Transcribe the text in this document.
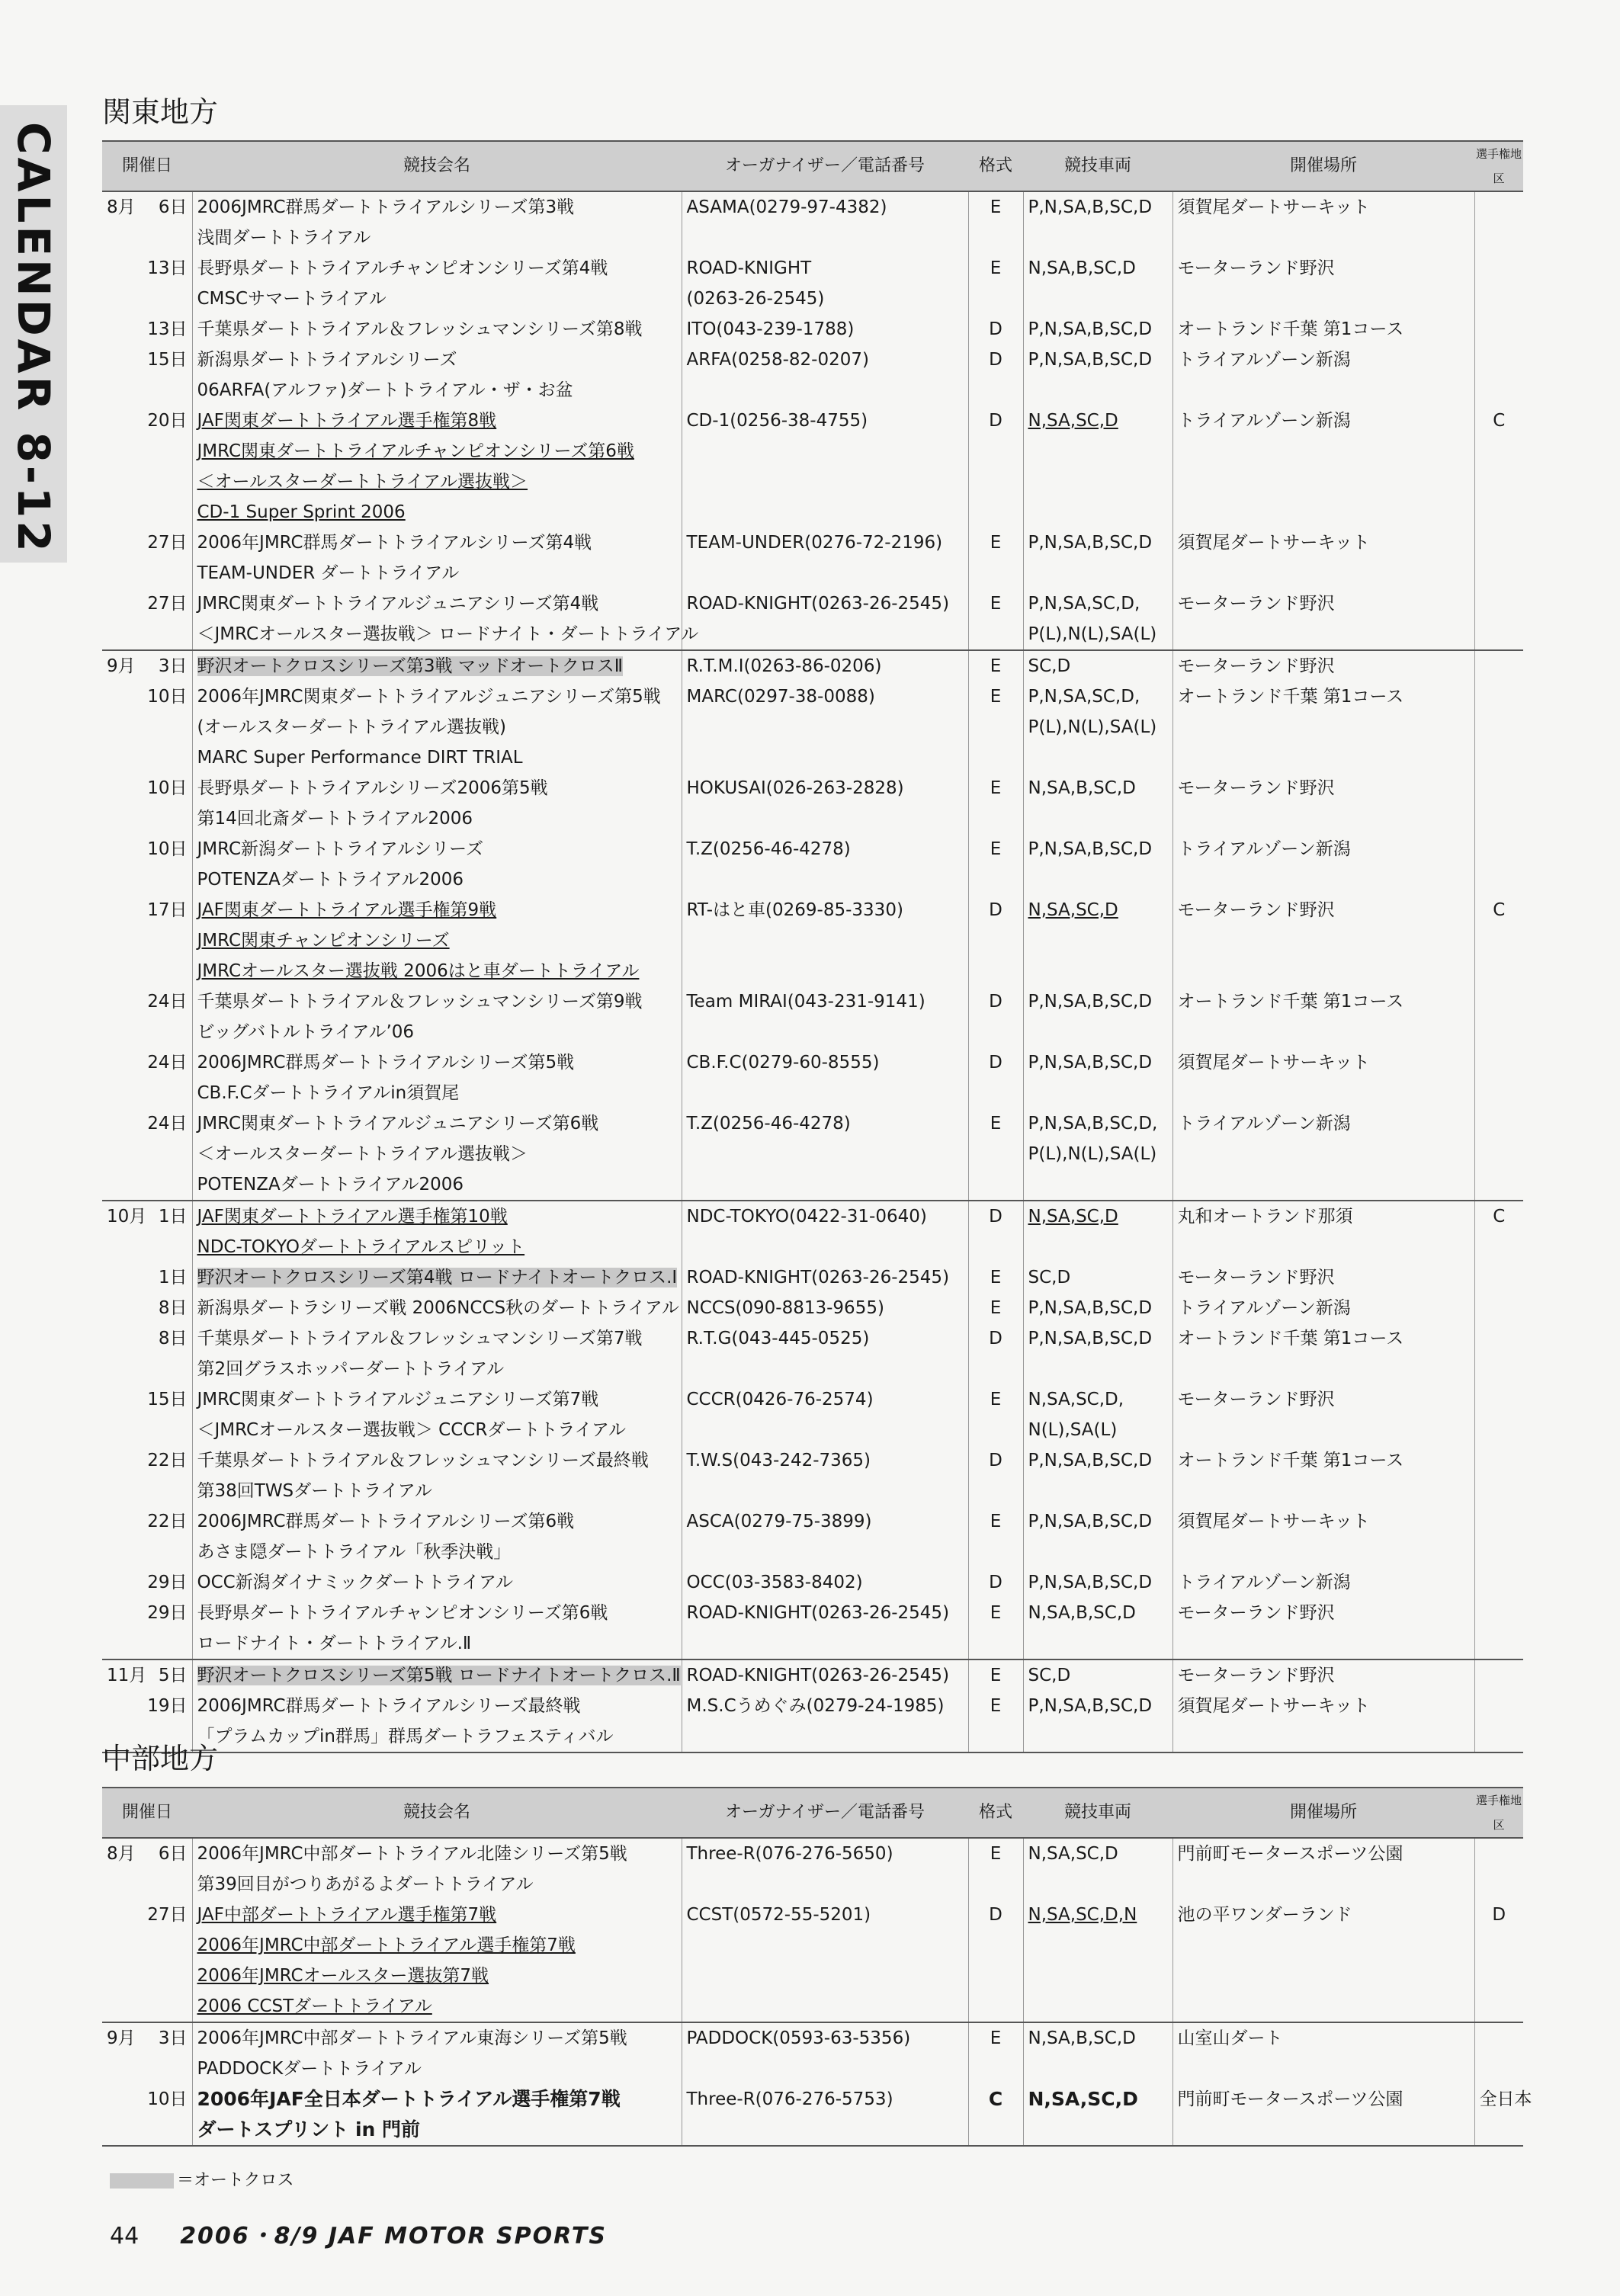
CALENDAR 8-12
関東地方
開催日	競技会名	オーガナイザー／電話番号	格式	競技車両	開催場所	選手権地区

8月 6日	2006JMRC群馬ダートトライアルシリーズ第3戦
浅間ダートトライアル	ASAMA(0279-97-4382)	E	P,N,SA,B,SC,D	須賀尾ダートサーキット	

13日	長野県ダートトライアルチャンピオンシリーズ第4戦
CMSCサマートライアル	ROAD-KNIGHT
(0263-26-2545)	E	N,SA,B,SC,D	モーターランド野沢	

13日	千葉県ダートトライアル＆フレッシュマンシリーズ第8戦	ITO(043-239-1788)	D	P,N,SA,B,SC,D	オートランド千葉 第1コース	

15日	新潟県ダートトライアルシリーズ
06ARFA(アルファ)ダートトライアル・ザ・お盆	ARFA(0258-82-0207)	D	P,N,SA,B,SC,D	トライアルゾーン新潟	

20日	JAF関東ダートトライアル選手権第8戦
JMRC関東ダートトライアルチャンピオンシリーズ第6戦
＜オールスターダートトライアル選抜戦＞
CD-1 Super Sprint 2006	CD-1(0256-38-4755)	D	N,SA,SC,D	トライアルゾーン新潟	C

27日	2006年JMRC群馬ダートトライアルシリーズ第4戦
TEAM-UNDER ダートトライアル	TEAM-UNDER(0276-72-2196)	E	P,N,SA,B,SC,D	須賀尾ダートサーキット	

27日	JMRC関東ダートトライアルジュニアシリーズ第4戦
＜JMRCオールスター選抜戦＞ ロードナイト・ダートトライアル	ROAD-KNIGHT(0263-26-2545)	E	P,N,SA,SC,D,
P(L),N(L),SA(L)	モーターランド野沢	

9月 3日	野沢オートクロスシリーズ第3戦 マッドオートクロスⅡ	R.T.M.I(0263-86-0206)	E	SC,D	モーターランド野沢	

10日	2006年JMRC関東ダートトライアルジュニアシリーズ第5戦
(オールスターダートトライアル選抜戦)
MARC Super Performance DIRT TRIAL	MARC(0297-38-0088)	E	P,N,SA,SC,D,
P(L),N(L),SA(L)	オートランド千葉 第1コース	

10日	長野県ダートトライアルシリーズ2006第5戦
第14回北斎ダートトライアル2006	HOKUSAI(026-263-2828)	E	N,SA,B,SC,D	モーターランド野沢	

10日	JMRC新潟ダートトライアルシリーズ
POTENZAダートトライアル2006	T.Z(0256-46-4278)	E	P,N,SA,B,SC,D	トライアルゾーン新潟	

17日	JAF関東ダートトライアル選手権第9戦
JMRC関東チャンピオンシリーズ
JMRCオールスター選抜戦 2006はと車ダートトライアル	RT-はと車(0269-85-3330)	D	N,SA,SC,D	モーターランド野沢	C

24日	千葉県ダートトライアル＆フレッシュマンシリーズ第9戦
ビッグバトルトライアル’06	Team MIRAI(043-231-9141)	D	P,N,SA,B,SC,D	オートランド千葉 第1コース	

24日	2006JMRC群馬ダートトライアルシリーズ第5戦
CB.F.Cダートトライアルin須賀尾	CB.F.C(0279-60-8555)	D	P,N,SA,B,SC,D	須賀尾ダートサーキット	

24日	JMRC関東ダートトライアルジュニアシリーズ第6戦
＜オールスターダートトライアル選抜戦＞
POTENZAダートトライアル2006	T.Z(0256-46-4278)	E	P,N,SA,B,SC,D,
P(L),N(L),SA(L)	トライアルゾーン新潟	

10月 1日	JAF関東ダートトライアル選手権第10戦
NDC-TOKYOダートトライアルスピリット	NDC-TOKYO(0422-31-0640)	D	N,SA,SC,D	丸和オートランド那須	C

1日	野沢オートクロスシリーズ第4戦 ロードナイトオートクロス.Ⅰ	ROAD-KNIGHT(0263-26-2545)	E	SC,D	モーターランド野沢	

8日	新潟県ダートラシリーズ戦 2006NCCS秋のダートトライアル	NCCS(090-8813-9655)	E	P,N,SA,B,SC,D	トライアルゾーン新潟	

8日	千葉県ダートトライアル＆フレッシュマンシリーズ第7戦
第2回グラスホッパーダートトライアル	R.T.G(043-445-0525)	D	P,N,SA,B,SC,D	オートランド千葉 第1コース	

15日	JMRC関東ダートトライアルジュニアシリーズ第7戦
＜JMRCオールスター選抜戦＞ CCCRダートトライアル	CCCR(0426-76-2574)	E	N,SA,SC,D,
N(L),SA(L)	モーターランド野沢	

22日	千葉県ダートトライアル＆フレッシュマンシリーズ最終戦
第38回TWSダートトライアル	T.W.S(043-242-7365)	D	P,N,SA,B,SC,D	オートランド千葉 第1コース	

22日	2006JMRC群馬ダートトライアルシリーズ第6戦
あさま隠ダートトライアル「秋季決戦」	ASCA(0279-75-3899)	E	P,N,SA,B,SC,D	須賀尾ダートサーキット	

29日	OCC新潟ダイナミックダートトライアル	OCC(03-3583-8402)	D	P,N,SA,B,SC,D	トライアルゾーン新潟	

29日	長野県ダートトライアルチャンピオンシリーズ第6戦
ロードナイト・ダートトライアル.Ⅱ	ROAD-KNIGHT(0263-26-2545)	E	N,SA,B,SC,D	モーターランド野沢	

11月 5日	野沢オートクロスシリーズ第5戦 ロードナイトオートクロス.Ⅱ	ROAD-KNIGHT(0263-26-2545)	E	SC,D	モーターランド野沢	

19日	2006JMRC群馬ダートトライアルシリーズ最終戦
「プラムカップin群馬」群馬ダートラフェスティバル	M.S.Cうめぐみ(0279-24-1985)	E	P,N,SA,B,SC,D	須賀尾ダートサーキット	
中部地方
開催日	競技会名	オーガナイザー／電話番号	格式	競技車両	開催場所	選手権地区

8月 6日	2006年JMRC中部ダートトライアル北陸シリーズ第5戦
第39回目がつりあがるよダートトライアル	Three-R(076-276-5650)	E	N,SA,SC,D	門前町モータースポーツ公園	

27日	JAF中部ダートトライアル選手権第7戦
2006年JMRC中部ダートトライアル選手権第7戦
2006年JMRCオールスター選抜第7戦
2006 CCSTダートトライアル	CCST(0572-55-5201)	D	N,SA,SC,D,N	池の平ワンダーランド	D

9月 3日	2006年JMRC中部ダートトライアル東海シリーズ第5戦
PADDOCKダートトライアル	PADDOCK(0593-63-5356)	E	N,SA,B,SC,D	山室山ダート	

10日	2006年JAF全日本ダートトライアル選手権第7戦
ダートスプリント in 門前	Three-R(076-276-5753)	C	N,SA,SC,D	門前町モータースポーツ公園	全日本
＝オートクロス
44 2006・8/9 JAF MOTOR SPORTS
